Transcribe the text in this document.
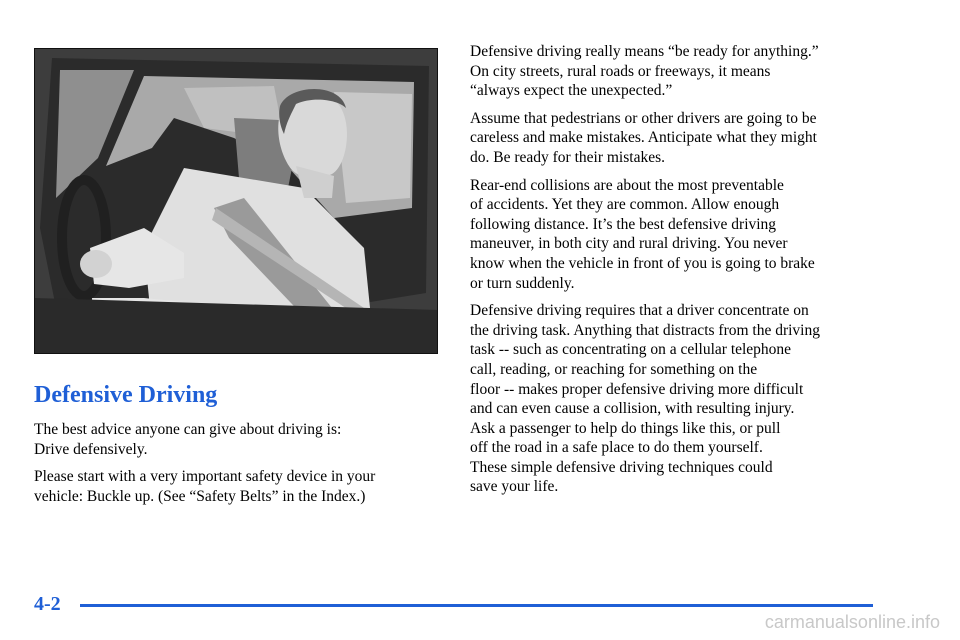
Defensive Driving

The best advice anyone can give about driving is:
Drive defensively.

Please start with a very important safety device in your
vehicle: Buckle up. (See “Safety Belts” in the Index.)

Defensive driving really means “be ready for anything.”
On city streets, rural roads or freeways, it means
“always expect the unexpected.”

Assume that pedestrians or other drivers are going to be
careless and make mistakes. Anticipate what they might
do. Be ready for their mistakes.

Rear-end collisions are about the most preventable
of accidents. Yet they are common. Allow enough
following distance. It’s the best defensive driving
maneuver, in both city and rural driving. You never
know when the vehicle in front of you is going to brake
or turn suddenly.

Defensive driving requires that a driver concentrate on
the driving task. Anything that distracts from the driving
task -- such as concentrating on a cellular telephone
call, reading, or reaching for something on the
floor -- makes proper defensive driving more difficult
and can even cause a collision, with resulting injury.
Ask a passenger to help do things like this, or pull
off the road in a safe place to do them yourself.
These simple defensive driving techniques could
save your life.

4-2
carmanualsonline.info
